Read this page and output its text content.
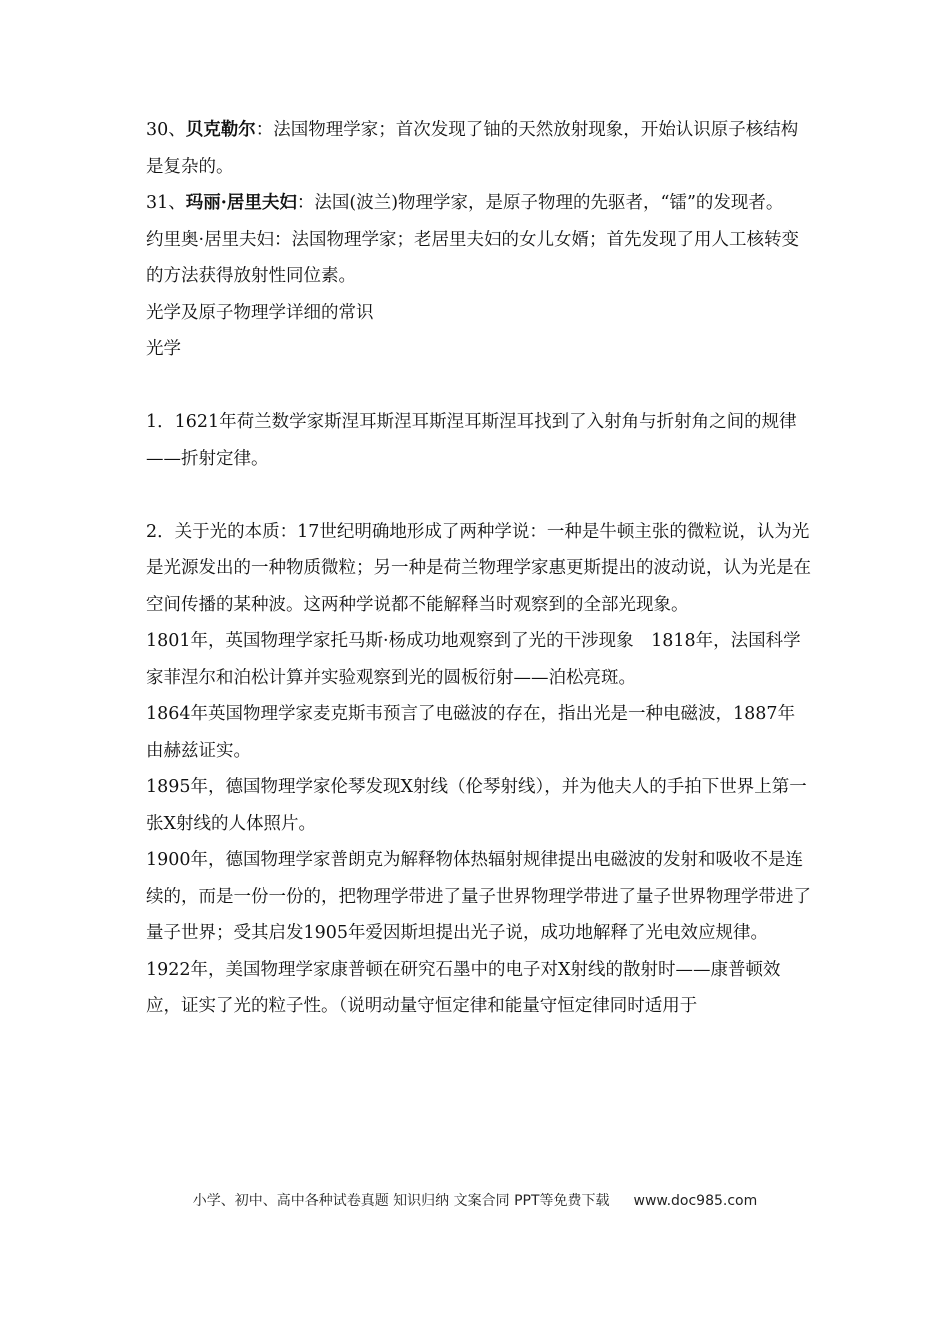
30、贝克勒尔：法国物理学家；首次发现了铀的天然放射现象，开始认识原子核结构是复杂的。

31、玛丽·居里夫妇：法国(波兰)物理学家，是原子物理的先驱者，“镭”的发现者。

约里奥·居里夫妇：法国物理学家；老居里夫妇的女儿女婿；首先发现了用人工核转变的方法获得放射性同位素。

光学及原子物理学详细的常识

光学

1．1621年荷兰数学家斯涅耳斯涅耳斯涅耳斯涅耳找到了入射角与折射角之间的规律——折射定律。

2．关于光的本质：17世纪明确地形成了两种学说：一种是牛顿主张的微粒说，认为光是光源发出的一种物质微粒；另一种是荷兰物理学家惠更斯提出的波动说，认为光是在空间传播的某种波。这两种学说都不能解释当时观察到的全部光现象。

1801年，英国物理学家托马斯·杨成功地观察到了光的干涉现象　1818年，法国科学家菲涅尔和泊松计算并实验观察到光的圆板衍射——泊松亮斑。

1864年英国物理学家麦克斯韦预言了电磁波的存在，指出光是一种电磁波，1887年由赫兹证实。

1895年，德国物理学家伦琴发现X射线（伦琴射线），并为他夫人的手拍下世界上第一张X射线的人体照片。

1900年，德国物理学家普朗克为解释物体热辐射规律提出电磁波的发射和吸收不是连续的，而是一份一份的，把物理学带进了量子世界物理学带进了量子世界物理学带进了量子世界；受其启发1905年爱因斯坦提出光子说，成功地解释了光电效应规律。

1922年，美国物理学家康普顿在研究石墨中的电子对X射线的散射时——康普顿效应，证实了光的粒子性。（说明动量守恒定律和能量守恒定律同时适用于

小学、初中、高中各种试卷真题 知识归纳 文案合同 PPT等免费下载 www.doc985.com
